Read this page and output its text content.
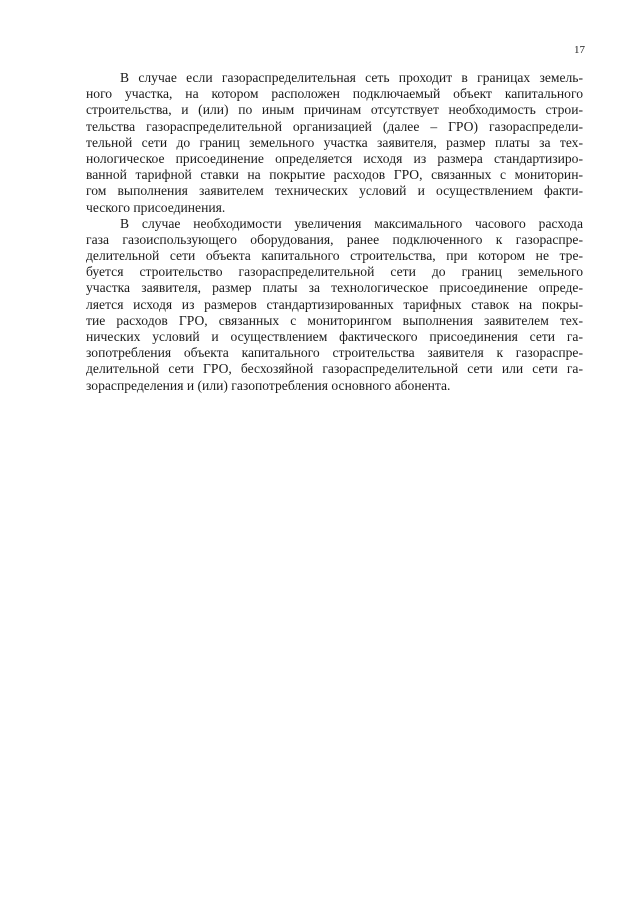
17

В случае если газораспределительная сеть проходит в границах земель-
ного участка, на котором расположен подключаемый объект капитального
строительства, и (или) по иным причинам отсутствует необходимость строи-
тельства газораспределительной организацией (далее – ГРО) газораспредели-
тельной сети до границ земельного участка заявителя, размер платы за тех-
нологическое присоединение определяется исходя из размера стандартизиро-
ванной тарифной ставки на покрытие расходов ГРО, связанных с мониторин-
гом выполнения заявителем технических условий и осуществлением факти-
ческого присоединения.

В случае необходимости увеличения максимального часового расхода
газа газоиспользующего оборудования, ранее подключенного к газораспре-
делительной сети объекта капитального строительства, при котором не тре-
буется строительство газораспределительной сети до границ земельного
участка заявителя, размер платы за технологическое присоединение опреде-
ляется исходя из размеров стандартизированных тарифных ставок на покры-
тие расходов ГРО, связанных с мониторингом выполнения заявителем тех-
нических условий и осуществлением фактического присоединения сети га-
зопотребления объекта капитального строительства заявителя к газораспре-
делительной сети ГРО, бесхозяйной газораспределительной сети или сети га-
зораспределения и (или) газопотребления основного абонента.
